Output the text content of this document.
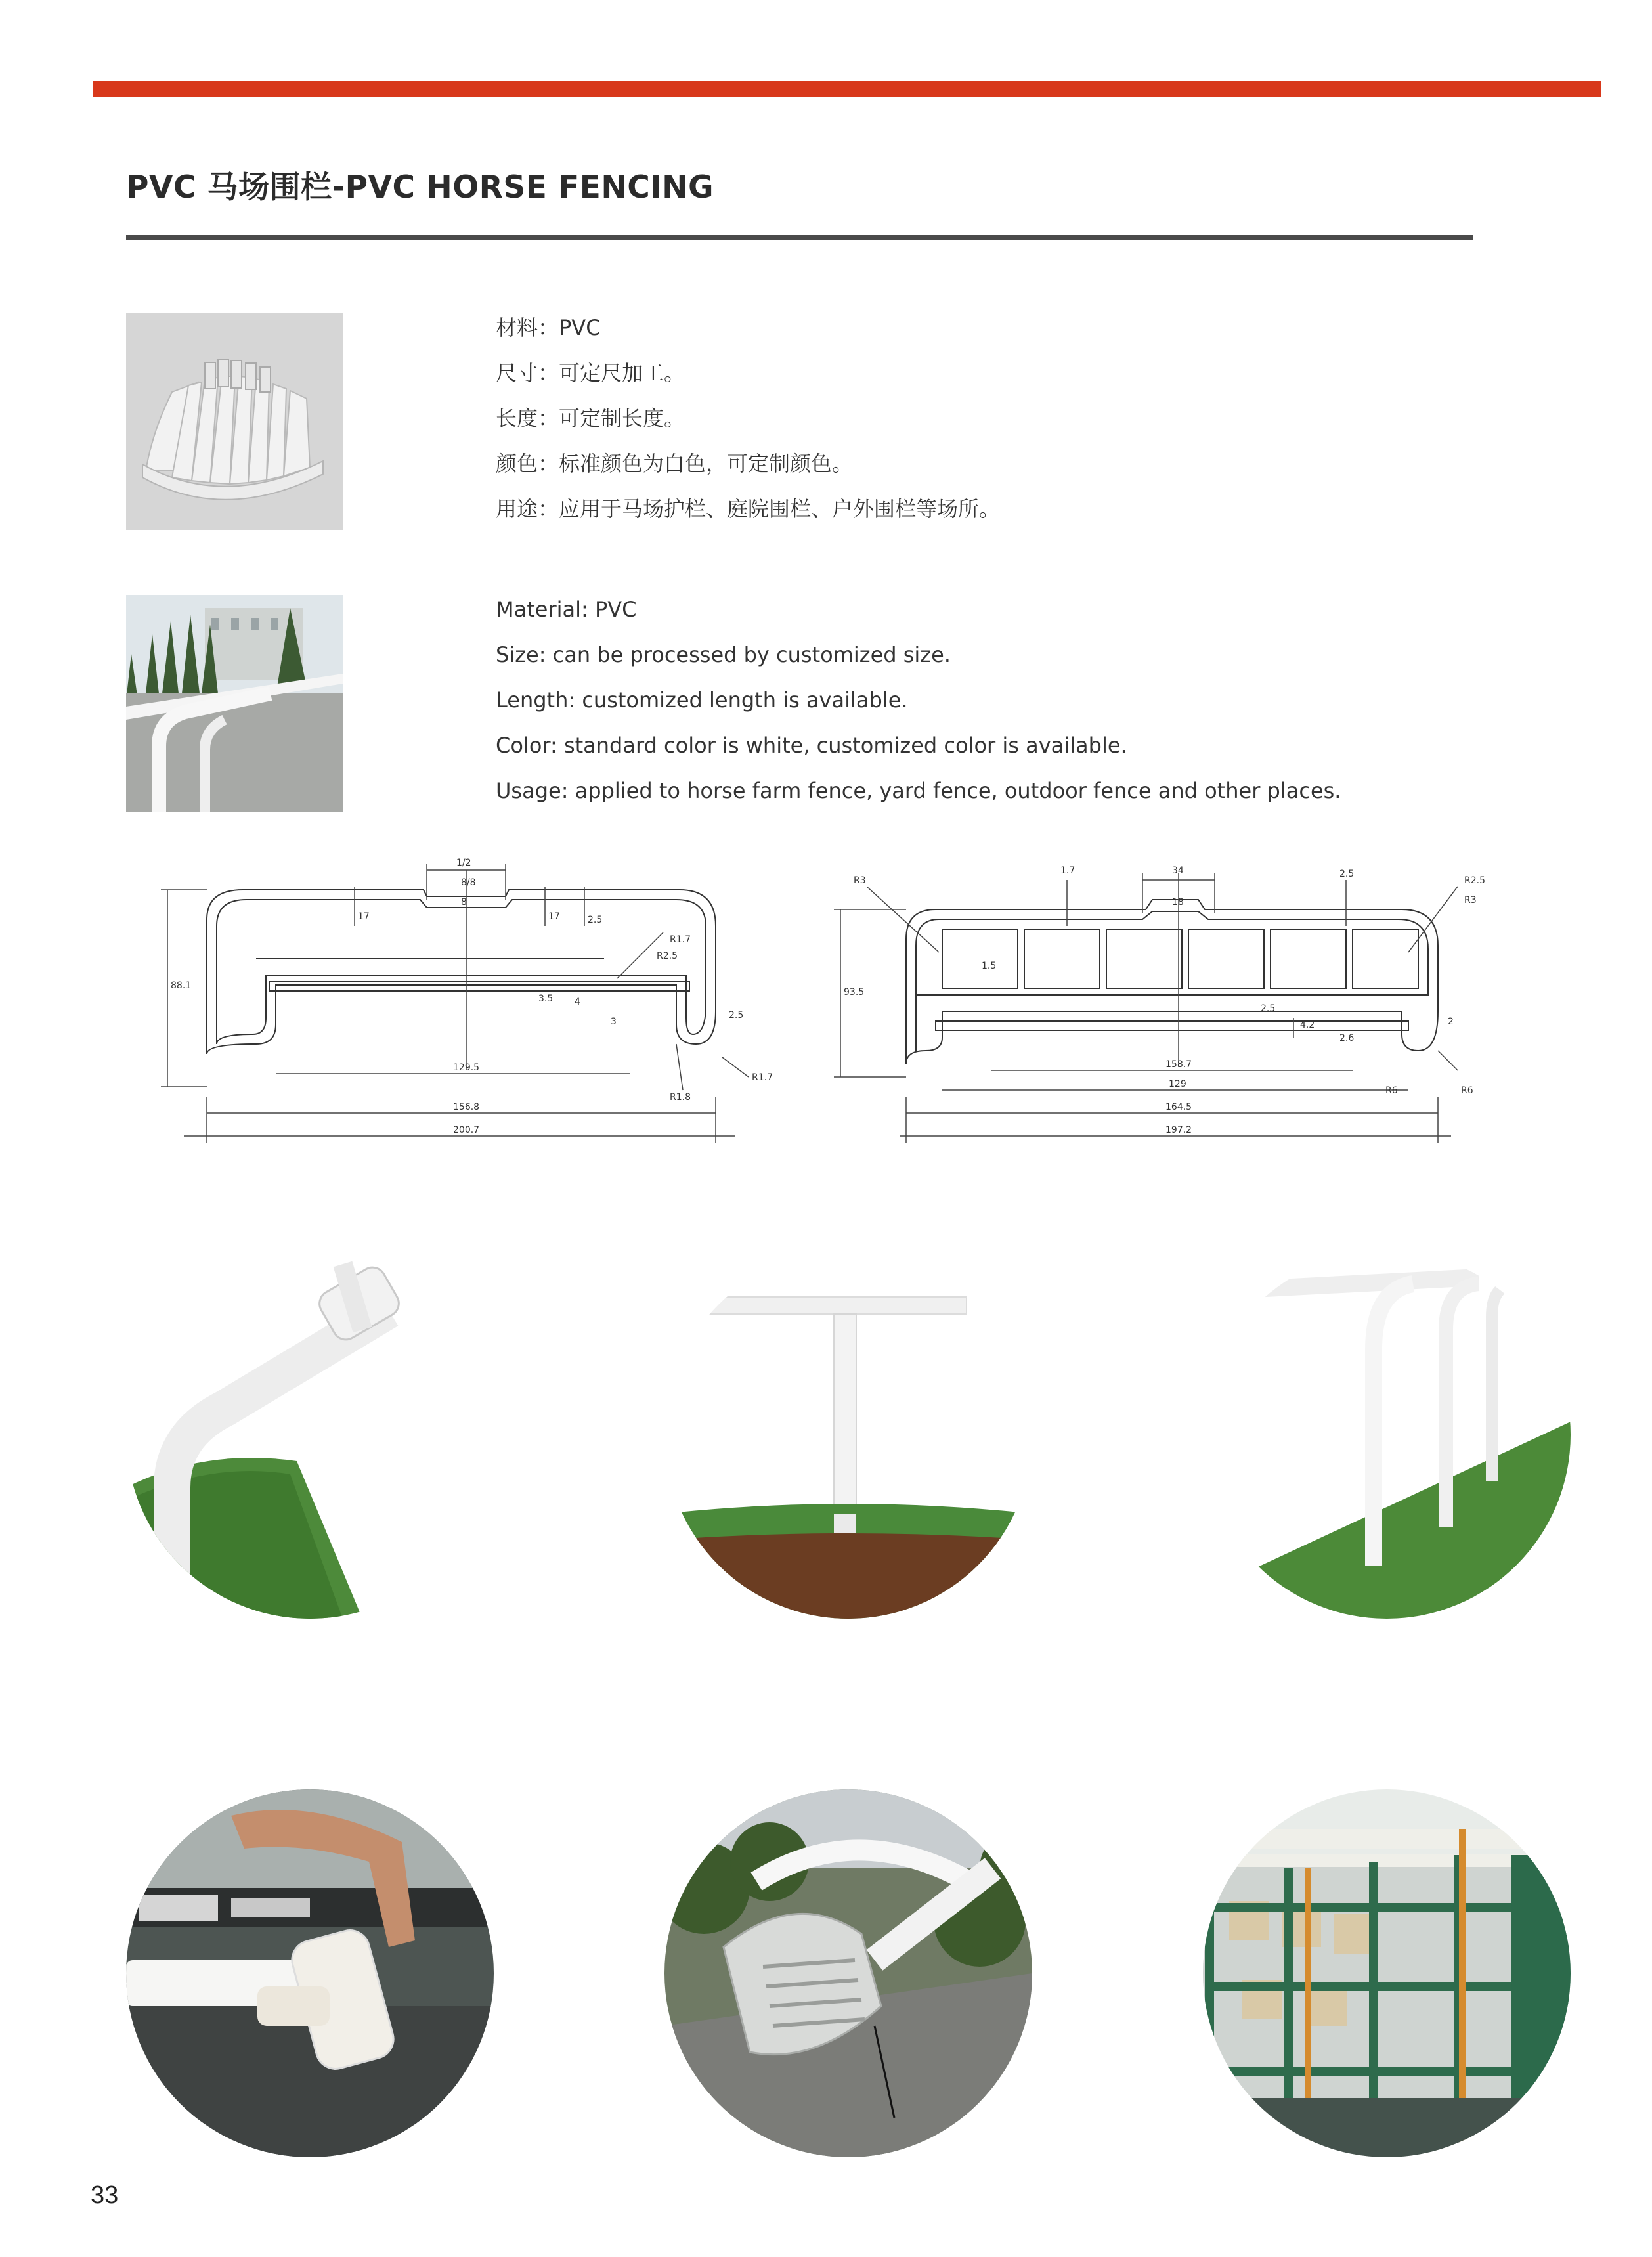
PVC 马场围栏-PVC HORSE FENCING
材料：PVC
尺寸：可定尺加工。
长度：可定制长度。
颜色：标准颜色为白色，可定制颜色。
用途：应用于马场护栏、庭院围栏、户外围栏等场所。
Material: PVC
Size: can be processed by customized size.
Length: customized length is available.
Color: standard color is white, customized color is available.
Usage: applied to horse farm fence, yard fence, outdoor fence and other places.
1/2
8/8
8
17	17	2.5
R1.7
R2.5
88.1
3.5 4
3
2.5
129.5
156.8
200.7
R1.8
R1.7
1.7	34
18
2.5
R3	R2.5
R3
1.5
93.5
2.5
4.2
2.6
2
158.7
129
164.5
197.2
R6	R6
33
